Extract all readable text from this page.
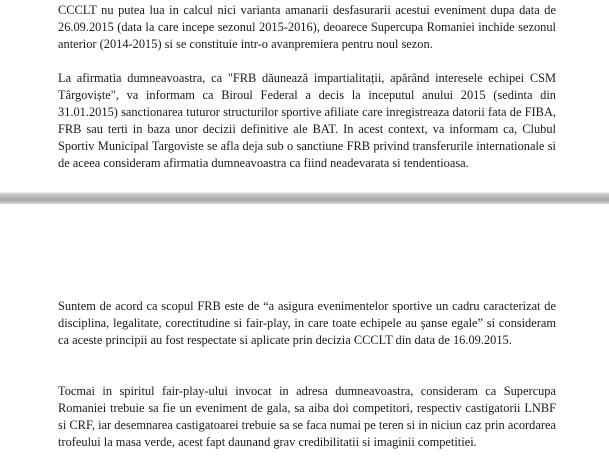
CCCLT nu putea lua in calcul nici varianta amanarii desfasurarii acestui eveniment dupa data de 26.09.2015 (data la care incepe sezonul 2015-2016), deoarece Supercupa Romaniei inchide sezonul anterior (2014-2015) si se constituie intr-o avanpremiera pentru noul sezon.

La afirmatia dumneavoastra, ca "FRB dăunează impartialitații, apărând interesele echipei CSM Târgoviște", va informam ca Biroul Federal a decis la inceputul anului 2015 (sedinta din 31.01.2015) sanctionarea tuturor structurilor sportive afiliate care inregistreaza datorii fata de FIBA, FRB sau terti in baza unor decizii definitive ale BAT. In acest context, va informam ca, Clubul Sportiv Municipal Targoviste se afla deja sub o sanctiune FRB privind transferurile internationale si de aceea consideram afirmatia dumneavoastra ca fiind neadevarata si tendentioasa.

Suntem de acord ca scopul FRB este de “a asigura evenimentelor sportive un cadru caracterizat de disciplina, legalitate, corectitudine si fair-play, in care toate echipele au şanse egale” si consideram ca aceste principii au fost respectate si aplicate prin decizia CCCLT din data de 16.09.2015.

Tocmai in spiritul fair-play-ului invocat in adresa dumneavoastra, consideram ca Supercupa Romaniei trebuie sa fie un eveniment de gala, sa aiba doi competitori, respectiv castigatorii LNBF si CRF, iar desemnarea castigatoarei trebuie sa se faca numai pe teren si in niciun caz prin acordarea trofeului la masa verde, acest fapt daunand grav credibilitatii si imaginii competitiei.
